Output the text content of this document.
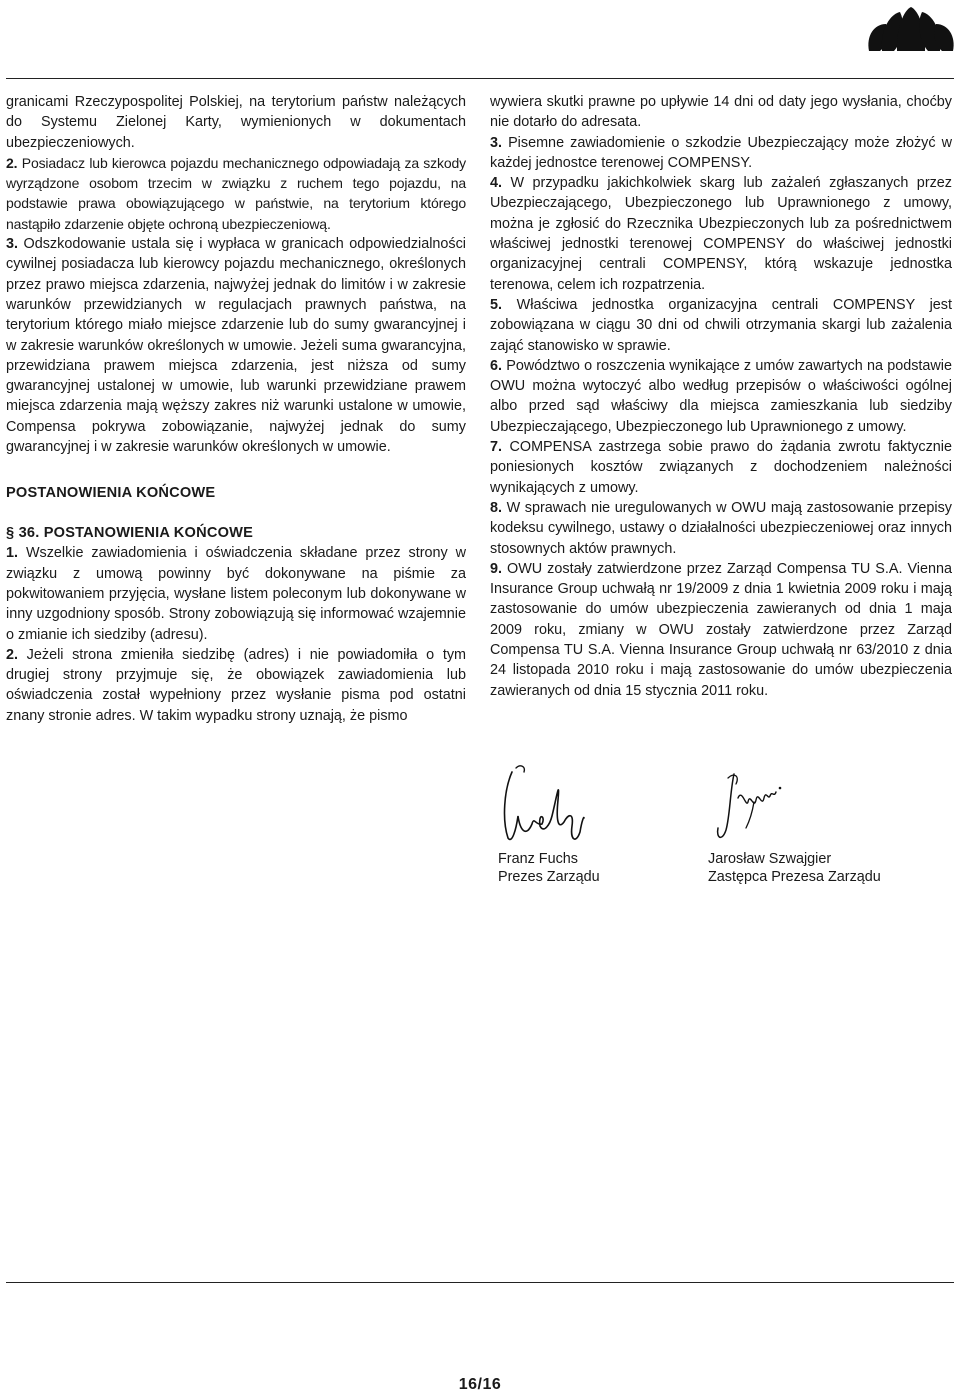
granicami Rzeczypospolitej Polskiej, na terytorium państw należących do Systemu Zielonej Karty, wymienionych w dokumentach ubezpieczeniowych.

2. Posiadacz lub kierowca pojazdu mechanicznego odpowiadają za szkody wyrządzone osobom trzecim w związku z ruchem tego pojazdu, na podstawie prawa obowiązującego w państwie, na terytorium którego nastąpiło zdarzenie objęte ochroną ubezpieczeniową.

3. Odszkodowanie ustala się i wypłaca w granicach odpowiedzialności cywilnej posiadacza lub kierowcy pojazdu mechanicznego, określonych przez prawo miejsca zdarzenia, najwyżej jednak do limitów i w zakresie warunków przewidzianych w regulacjach prawnych państwa, na terytorium którego miało miejsce zdarzenie lub do sumy gwarancyjnej i w zakresie warunków określonych w umowie. Jeżeli suma gwarancyjna, przewidziana prawem miejsca zdarzenia, jest niższa od sumy gwarancyjnej ustalonej w umowie, lub warunki przewidziane prawem miejsca zdarzenia mają węższy zakres niż warunki ustalone w umowie, Compensa pokrywa zobowiązanie, najwyżej jednak do sumy gwarancyjnej i w zakresie warunków określonych w umowie.

POSTANOWIENIA KOŃCOWE
§ 36. POSTANOWIENIA KOŃCOWE

1. Wszelkie zawiadomienia i oświadczenia składane przez strony w związku z umową powinny być dokonywane na piśmie za pokwitowaniem przyjęcia, wysłane listem poleconym lub dokonywane w inny uzgodniony sposób. Strony zobowiązują się informować wzajemnie o zmianie ich siedziby (adresu).

2. Jeżeli strona zmieniła siedzibę (adres) i nie powiadomiła o tym drugiej strony przyjmuje się, że obowiązek zawiadomienia lub oświadczenia został wypełniony przez wysłanie pisma pod ostatni znany stronie adres. W takim wypadku strony uznają, że pismo

wywiera skutki prawne po upływie 14 dni od daty jego wysłania, choćby nie dotarło do adresata.

3. Pisemne zawiadomienie o szkodzie Ubezpieczający może złożyć w każdej jednostce terenowej COMPENSY.

4. W przypadku jakichkolwiek skarg lub zażaleń zgłaszanych przez Ubezpieczającego, Ubezpieczonego lub Uprawnionego z umowy, można je zgłosić do Rzecznika Ubezpieczonych lub za pośrednictwem właściwej jednostki terenowej COMPENSY do właściwej jednostki organizacyjnej centrali COMPENSY, którą wskazuje jednostka terenowa, celem ich rozpatrzenia.

5. Właściwa jednostka organizacyjna centrali COMPENSY jest zobowiązana w ciągu 30 dni od chwili otrzymania skargi lub zażalenia zająć stanowisko w sprawie.

6. Powództwo o roszczenia wynikające z umów zawartych na podstawie OWU można wytoczyć albo według przepisów o właściwości ogólnej albo przed sąd właściwy dla miejsca zamieszkania lub siedziby Ubezpieczającego, Ubezpieczonego lub Uprawnionego z umowy.

7. COMPENSA zastrzega sobie prawo do żądania zwrotu faktycznie poniesionych kosztów związanych z dochodzeniem należności wynikających z umowy.

8. W sprawach nie uregulowanych w OWU mają zastosowanie przepisy kodeksu cywilnego, ustawy o działalności ubezpieczeniowej oraz innych stosownych aktów prawnych.

9. OWU zostały zatwierdzone przez Zarząd Compensa TU S.A. Vienna Insurance Group uchwałą nr 19/2009 z dnia 1 kwietnia 2009 roku i mają zastosowanie do umów ubezpieczenia zawieranych od dnia 1 maja 2009 roku, zmiany w OWU zostały zatwierdzone przez Zarząd Compensa TU S.A. Vienna Insurance Group uchwałą nr 63/2010 z dnia 24 listopada 2010 roku i mają zastosowanie do umów ubezpieczenia zawieranych od dnia 15 stycznia 2011 roku.

Franz Fuchs
Prezes Zarządu
Jarosław Szwajgier
Zastępca Prezesa Zarządu
16/16
